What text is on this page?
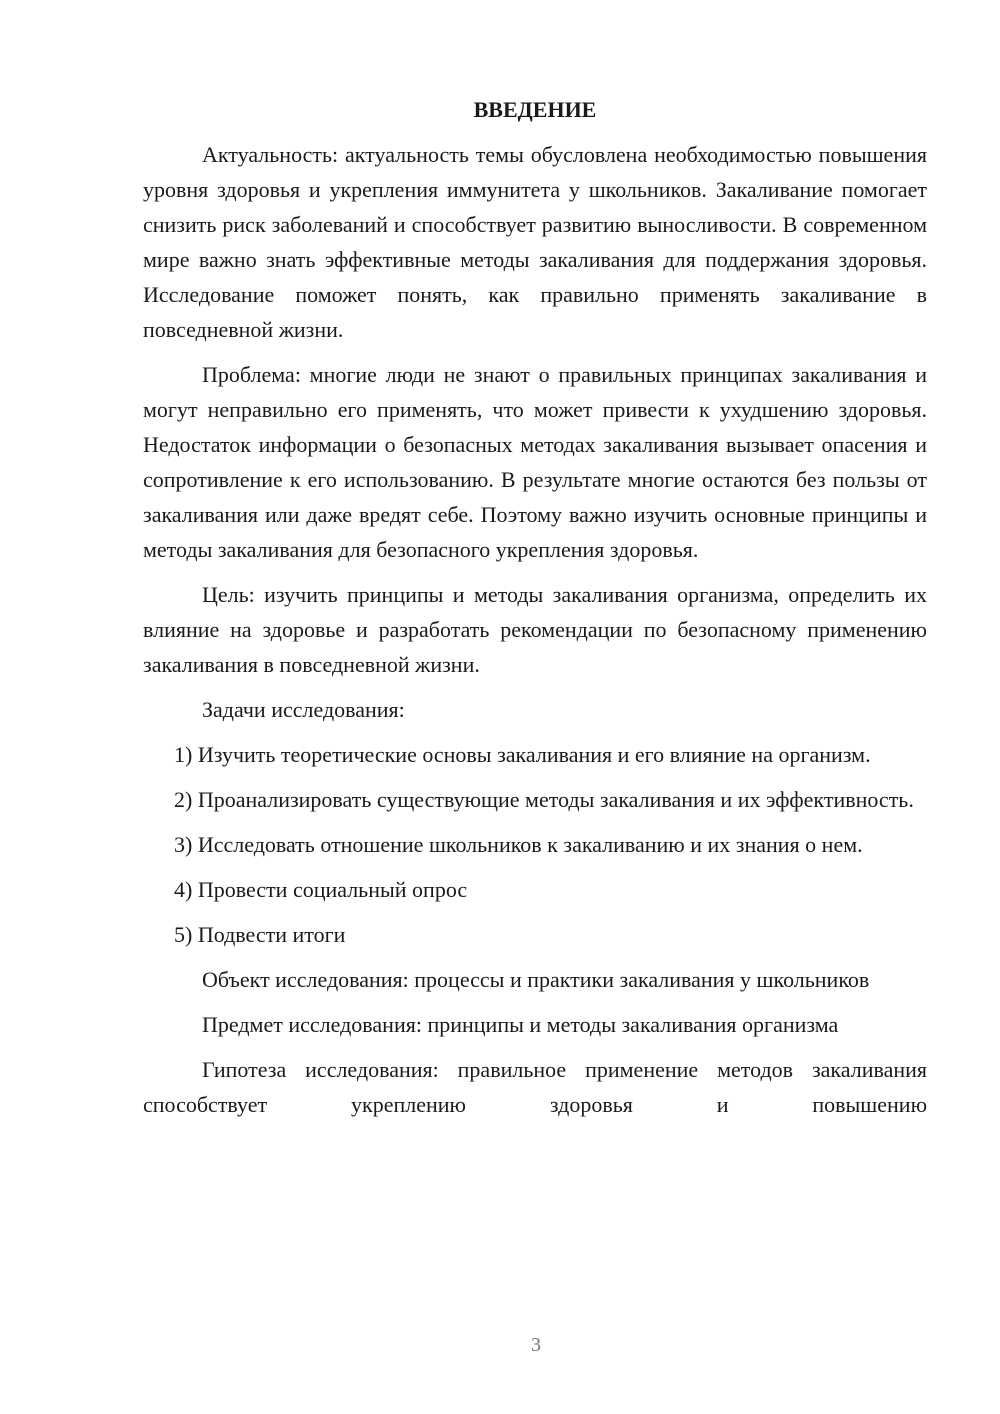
ВВЕДЕНИЕ

Актуальность: актуальность темы обусловлена необходимостью повышения уровня здоровья и укрепления иммунитета у школьников. Закаливание помогает снизить риск заболеваний и способствует развитию выносливости. В современном мире важно знать эффективные методы закаливания для поддержания здоровья. Исследование поможет понять, как правильно применять закаливание в повседневной жизни.

Проблема: многие люди не знают о правильных принципах закаливания и могут неправильно его применять, что может привести к ухудшению здоровья. Недостаток информации о безопасных методах закаливания вызывает опасения и сопротивление к его использованию. В результате многие остаются без пользы от закаливания или даже вредят себе. Поэтому важно изучить основные принципы и методы закаливания для безопасного укрепления здоровья.

Цель: изучить принципы и методы закаливания организма, определить их влияние на здоровье и разработать рекомендации по безопасному применению закаливания в повседневной жизни.

Задачи исследования:

1) Изучить теоретические основы закаливания и его влияние на организм.

2) Проанализировать существующие методы закаливания и их эффективность.

3) Исследовать отношение школьников к закаливанию и их знания о нем.

4) Провести социальный опрос

5) Подвести итоги

Объект исследования: процессы и практики закаливания у школьников

Предмет исследования: принципы и методы закаливания организма

Гипотеза исследования: правильное применение методов закаливания способствует укреплению здоровья и повышению

3
